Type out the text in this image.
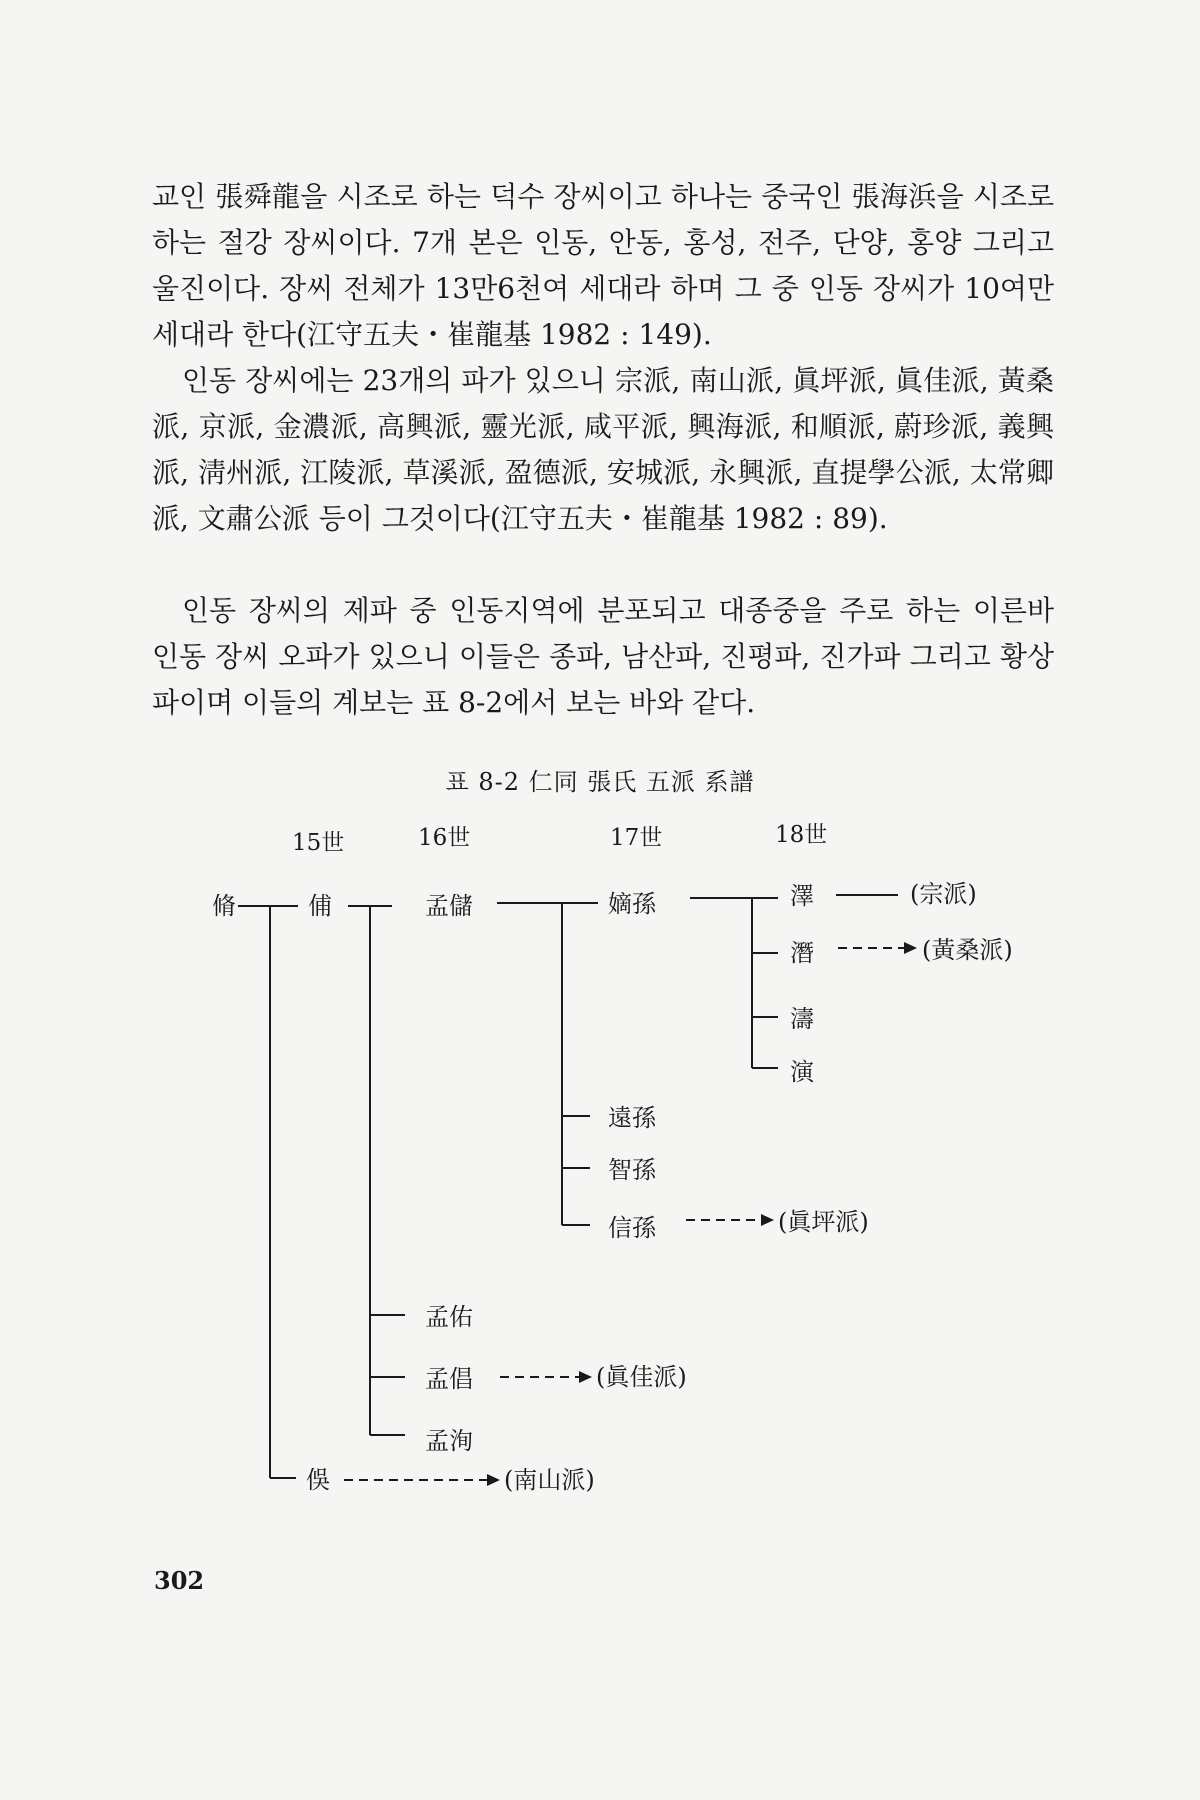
교인 張舜龍을 시조로 하는 덕수 장씨이고 하나는 중국인 張海浜을 시조로 하는 절강 장씨이다. 7개 본은 인동, 안동, 홍성, 전주, 단양, 홍양 그리고 울진이다. 장씨 전체가 13만6천여 세대라 하며 그 중 인동 장씨가 10여만 세대라 한다(江守五夫・崔龍基 1982 : 149).
인동 장씨에는 23개의 파가 있으니 宗派, 南山派, 眞坪派, 眞佳派, 黃桑派, 京派, 金濃派, 高興派, 靈光派, 咸平派, 興海派, 和順派, 蔚珍派, 義興派, 淸州派, 江陵派, 草溪派, 盈德派, 安城派, 永興派, 直提學公派, 太常卿派, 文肅公派 등이 그것이다(江守五夫・崔龍基 1982 : 89).
인동 장씨의 제파 중 인동지역에 분포되고 대종중을 주로 하는 이른바 인동 장씨 오파가 있으니 이들은 종파, 남산파, 진평파, 진가파 그리고 황상파이며 이들의 계보는 표 8-2에서 보는 바와 같다.
표 8-2 仁同 張氏 五派 系譜
15世	16世	17世	18世
脩	俌
俁
孟儲
孟佑
孟倡
孟洵
嫡孫
遠孫
智孫
信孫
澤
潛
濤
演
(宗派)
(黃桑派)
(眞坪派)
(眞佳派)
(南山派)
302
